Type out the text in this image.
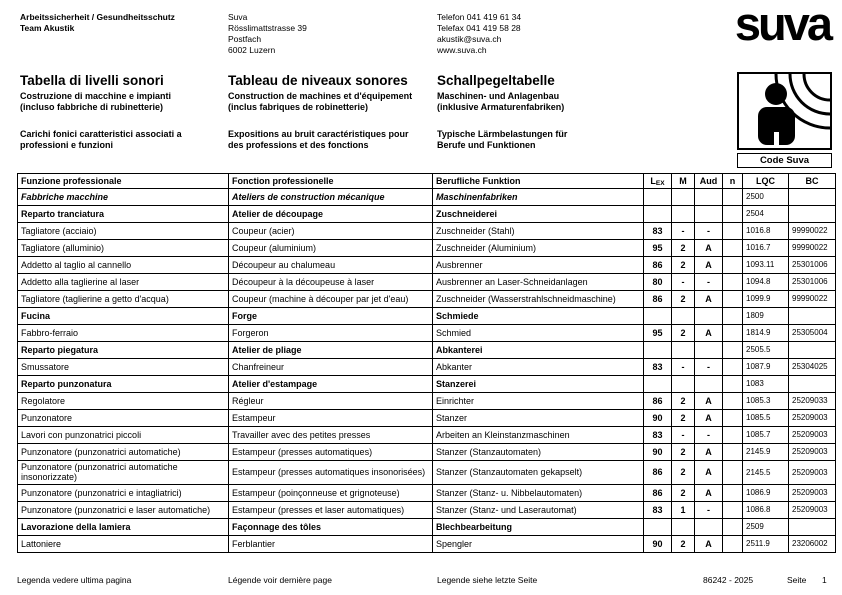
Arbeitssicherheit / Gesundheitsschutz
Team Akustik
Suva
Rösslimattstrasse 39
Postfach
6002 Luzern
Telefon 041 419 61 34
Telefax 041 419 58 28
akustik@suva.ch
www.suva.ch
suva
Tabella di livelli sonori
Costruzione di macchine e impianti
(incluso fabbriche di rubinetterie)
Carichi fonici caratteristici associati a
professioni e funzioni
Tableau de niveaux sonores
Construction de machines et d'équipement
(inclus fabriques de robinetterie)
Expositions au bruit caractéristiques pour
des professions et des fonctions
Schallpegeltabelle
Maschinen- und Anlagenbau
(inklusive Armaturenfabriken)
Typische Lärmbelastungen für
Berufe und Funktionen
Code Suva
Funzione professionale	Fonction professionelle	Berufliche Funktion	LEX	M	Aud	n	LQC	BC
Fabbriche macchine	Ateliers de construction mécanique	Maschinenfabriken					2500	
Reparto tranciatura	Atelier de découpage	Zuschneiderei					2504	
Tagliatore (acciaio)	Coupeur (acier)	Zuschneider (Stahl)	83	-	-		1016.8	99990022
Tagliatore (alluminio)	Coupeur (aluminium)	Zuschneider (Aluminium)	95	2	A		1016.7	99990022
Addetto al taglio al cannello	Découpeur au chalumeau	Ausbrenner	86	2	A		1093.11	25301006
Addetto alla taglierine al laser	Découpeur à la découpeuse à laser	Ausbrenner an Laser-Schneidanlagen	80	-	-		1094.8	25301006
Tagliatore (taglierine a getto d'acqua)	Coupeur (machine à découper par jet d'eau)	Zuschneider (Wasserstrahlschneidmaschine)	86	2	A		1099.9	99990022
Fucina	Forge	Schmiede					1809	
Fabbro-ferraio	Forgeron	Schmied	95	2	A		1814.9	25305004
Reparto piegatura	Atelier de pliage	Abkanterei					2505.5	
Smussatore	Chanfreineur	Abkanter	83	-	-		1087.9	25304025
Reparto punzonatura	Atelier d'estampage	Stanzerei					1083	
Regolatore	Régleur	Einrichter	86	2	A		1085.3	25209033
Punzonatore	Estampeur	Stanzer	90	2	A		1085.5	25209003
Lavori con punzonatrici piccoli	Travailler avec des petites presses	Arbeiten an Kleinstanzmaschinen	83	-	-		1085.7	25209003
Punzonatore (punzonatrici automatiche)	Estampeur (presses automatiques)	Stanzer (Stanzautomaten)	90	2	A		2145.9	25209003
Punzonatore (punzonatrici automatiche insonorizzate)	Estampeur (presses automatiques insonorisées)	Stanzer (Stanzautomaten gekapselt)	86	2	A		2145.5	25209003
Punzonatore (punzonatrici e intagliatrici)	Estampeur (poinçonneuse et grignoteuse)	Stanzer (Stanz- u. Nibbelautomaten)	86	2	A		1086.9	25209003
Punzonatore (punzonatrici e laser automatiche)	Estampeur (presses et laser automatiques)	Stanzer (Stanz- und Laserautomat)	83	1	-		1086.8	25209003
Lavorazione della lamiera	Façonnage des tôles	Blechbearbeitung					2509	
Lattoniere	Ferblantier	Spengler	90	2	A		2511.9	23206002
Legenda vedere ultima pagina	Légende voir dernière page	Legende siehe letzte Seite	86242 - 2025	Seite 1
